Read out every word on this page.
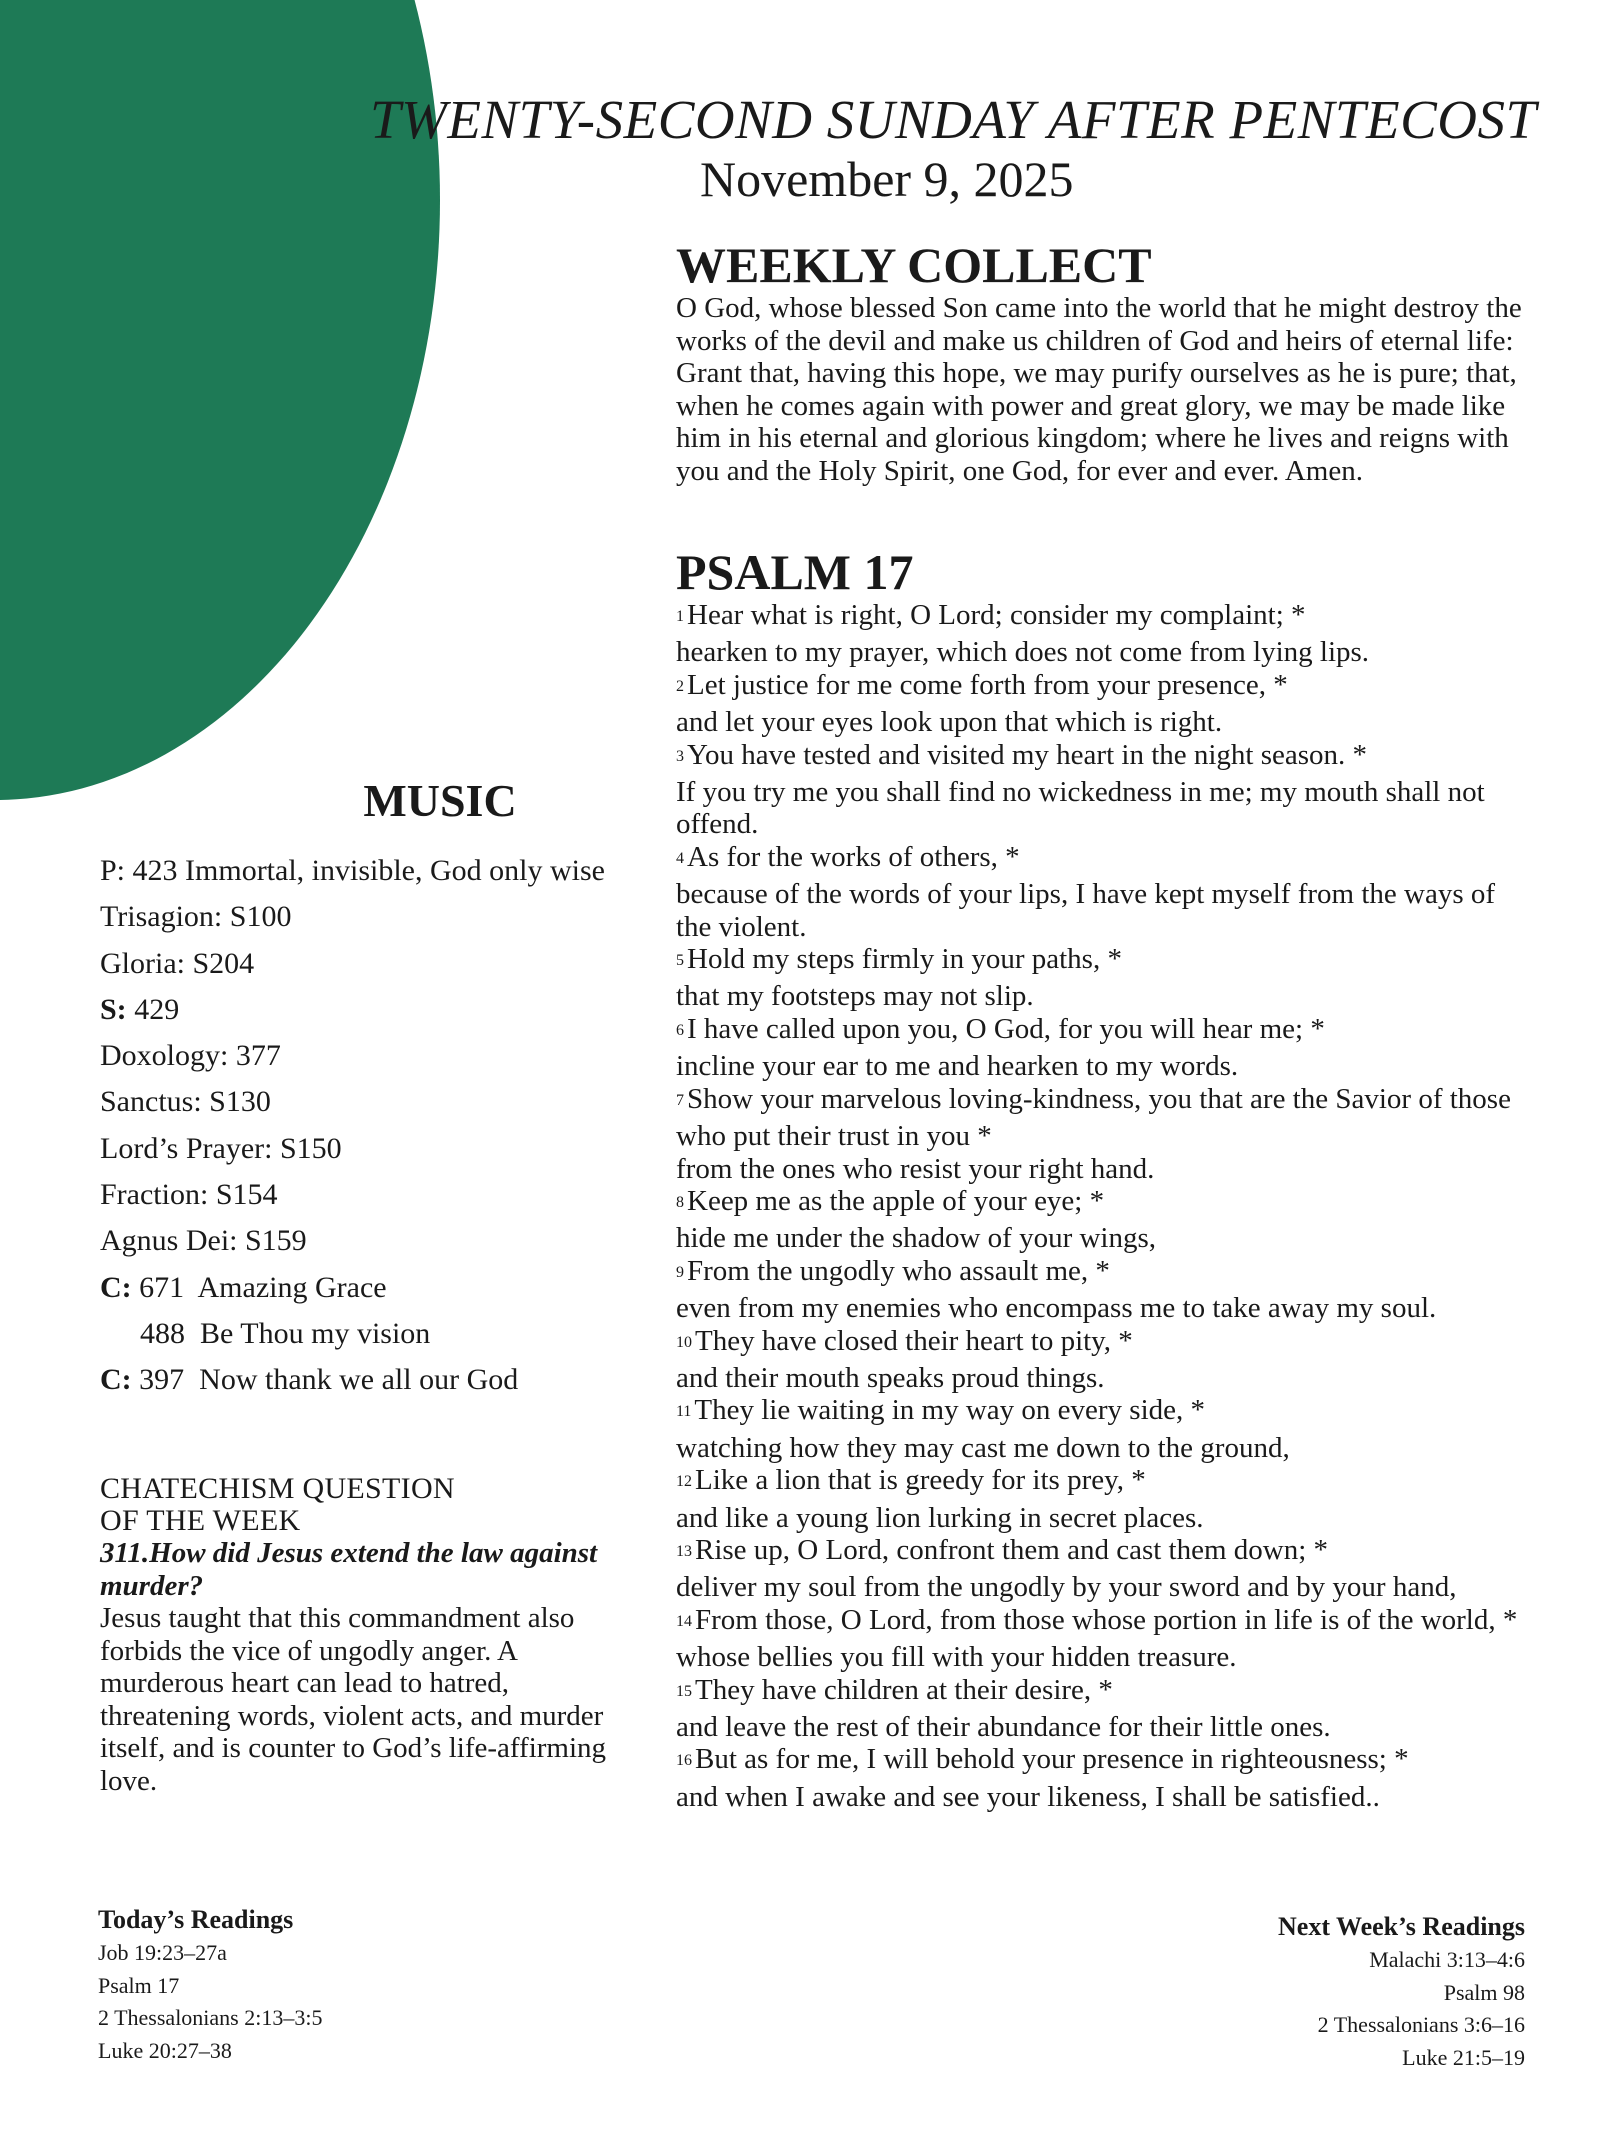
TWENTY-SECOND SUNDAY AFTER PENTECOST
November 9, 2025
WEEKLY COLLECT

O God, whose blessed Son came into the world that he might destroy the works of the devil and make us children of God and heirs of eternal life: Grant that, having this hope, we may purify ourselves as he is pure; that, when he comes again with power and great glory, we may be made like him in his eternal and glorious kingdom; where he lives and reigns with you and the Holy Spirit, one God, for ever and ever. Amen.

PSALM 17
$^1$ Hear what is right, O Lord; consider my complaint; *
hearken to my prayer, which does not come from lying lips.
$^2$ Let justice for me come forth from your presence, *
and let your eyes look upon that which is right.
$^3$ You have tested and visited my heart in the night season. *
If you try me you shall find no wickedness in me; my mouth shall not offend.
$^4$ As for the works of others, *
because of the words of your lips, I have kept myself from the ways of the violent.
$^5$ Hold my steps firmly in your paths, *
that my footsteps may not slip.
$^6$ I have called upon you, O God, for you will hear me; *
incline your ear to me and hearken to my words.
$^7$ Show your marvelous loving-kindness, you that are the Savior of those who put their trust in you *
from the ones who resist your right hand.
$^8$ Keep me as the apple of your eye; *
hide me under the shadow of your wings,
$^9$ From the ungodly who assault me, *
even from my enemies who encompass me to take away my soul.
$^{10}$ They have closed their heart to pity, *
and their mouth speaks proud things.
$^{11}$ They lie waiting in my way on every side, *
watching how they may cast me down to the ground,
$^{12}$ Like a lion that is greedy for its prey, *
and like a young lion lurking in secret places.
$^{13}$ Rise up, O Lord, confront them and cast them down; *
deliver my soul from the ungodly by your sword and by your hand,
$^{14}$ From those, O Lord, from those whose portion in life is of the world, *
whose bellies you fill with your hidden treasure.
$^{15}$ They have children at their desire, *
and leave the rest of their abundance for their little ones.
$^{16}$ But as for me, I will behold your presence in righteousness; *
and when I awake and see your likeness, I shall be satisfied..
MUSIC
P: 423 Immortal, invisible, God only wise
Trisagion: S100
Gloria: S204
S: 429
Doxology: 377
Sanctus: S130
Lord’s Prayer: S150
Fraction: S154
Agnus Dei: S159
C: 671  Amazing Grace
488  Be Thou my vision
C: 397  Now thank we all our God

CHATECHISM QUESTION
OF THE WEEK

311.How did Jesus extend the law against murder?

Jesus taught that this commandment also forbids the vice of ungodly anger. A murderous heart can lead to hatred, threatening words, violent acts, and murder itself, and is counter to God’s life-affirming love.

Today’s Readings

Job 19:23–27a
Psalm 17
2 Thessalonians 2:13–3:5
Luke 20:27–38

Next Week’s Readings

Malachi 3:13–4:6
Psalm 98
2 Thessalonians 3:6–16
Luke 21:5–19
